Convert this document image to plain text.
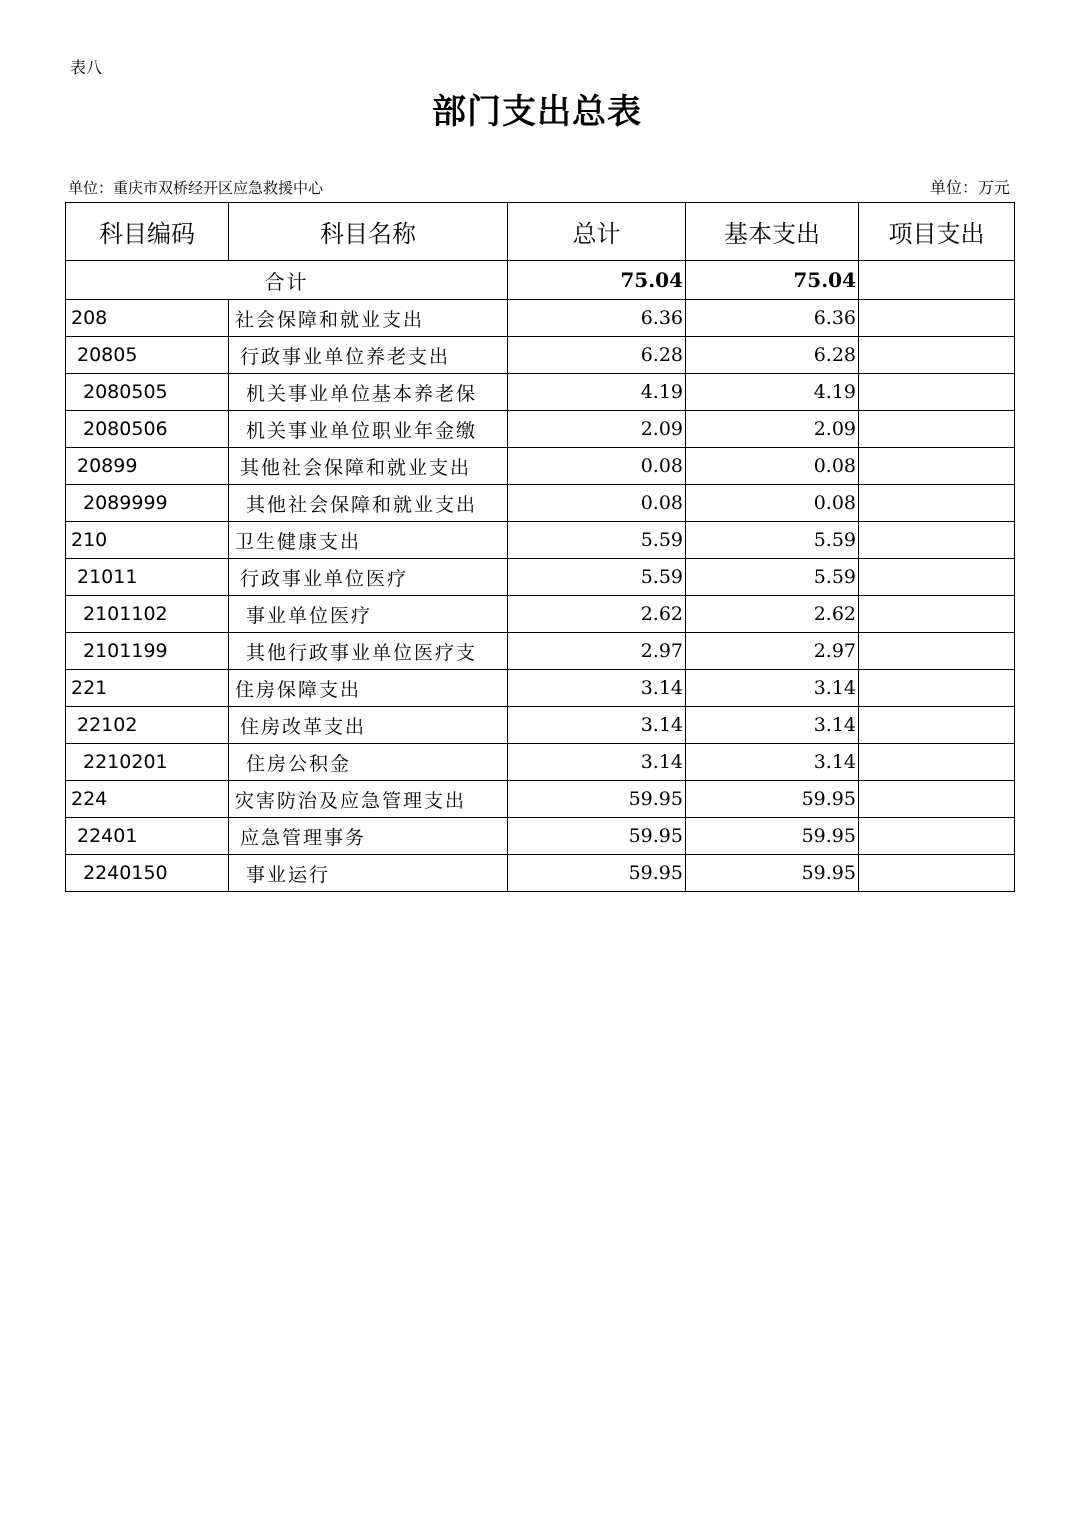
表八
部门支出总表
单位：重庆市双桥经开区应急救援中心	单位：万元
科目编码	科目名称	总计	基本支出	项目支出
合计		75.04	75.04	
208	社会保障和就业支出	6.36	6.36	
20805	行政事业单位养老支出	6.28	6.28	
2080505	机关事业单位基本养老保	4.19	4.19	
2080506	机关事业单位职业年金缴	2.09	2.09	
20899	其他社会保障和就业支出	0.08	0.08	
2089999	其他社会保障和就业支出	0.08	0.08	
210	卫生健康支出	5.59	5.59	
21011	行政事业单位医疗	5.59	5.59	
2101102	事业单位医疗	2.62	2.62	
2101199	其他行政事业单位医疗支	2.97	2.97	
221	住房保障支出	3.14	3.14	
22102	住房改革支出	3.14	3.14	
2210201	住房公积金	3.14	3.14	
224	灾害防治及应急管理支出	59.95	59.95	
22401	应急管理事务	59.95	59.95	
2240150	事业运行	59.95	59.95	
